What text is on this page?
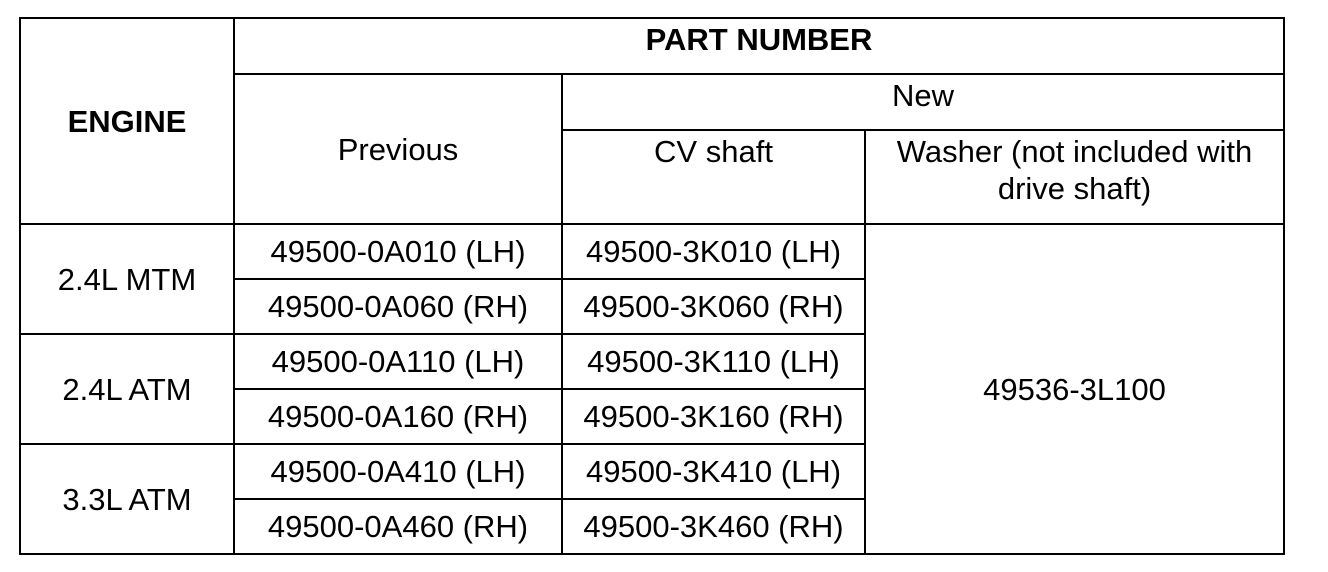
ENGINE	PART NUMBER		
	Previous	New	
		CV shaft	Washer (not included with
drive shaft)
2.4L MTM	49500-0A010 (LH)	49500-3K010 (LH)	49536-3L100
	49500-0A060 (RH)	49500-3K060 (RH)	
2.4L ATM	49500-0A110 (LH)	49500-3K110 (LH)	
	49500-0A160 (RH)	49500-3K160 (RH)	
3.3L ATM	49500-0A410 (LH)	49500-3K410 (LH)	
	49500-0A460 (RH)	49500-3K460 (RH)	
